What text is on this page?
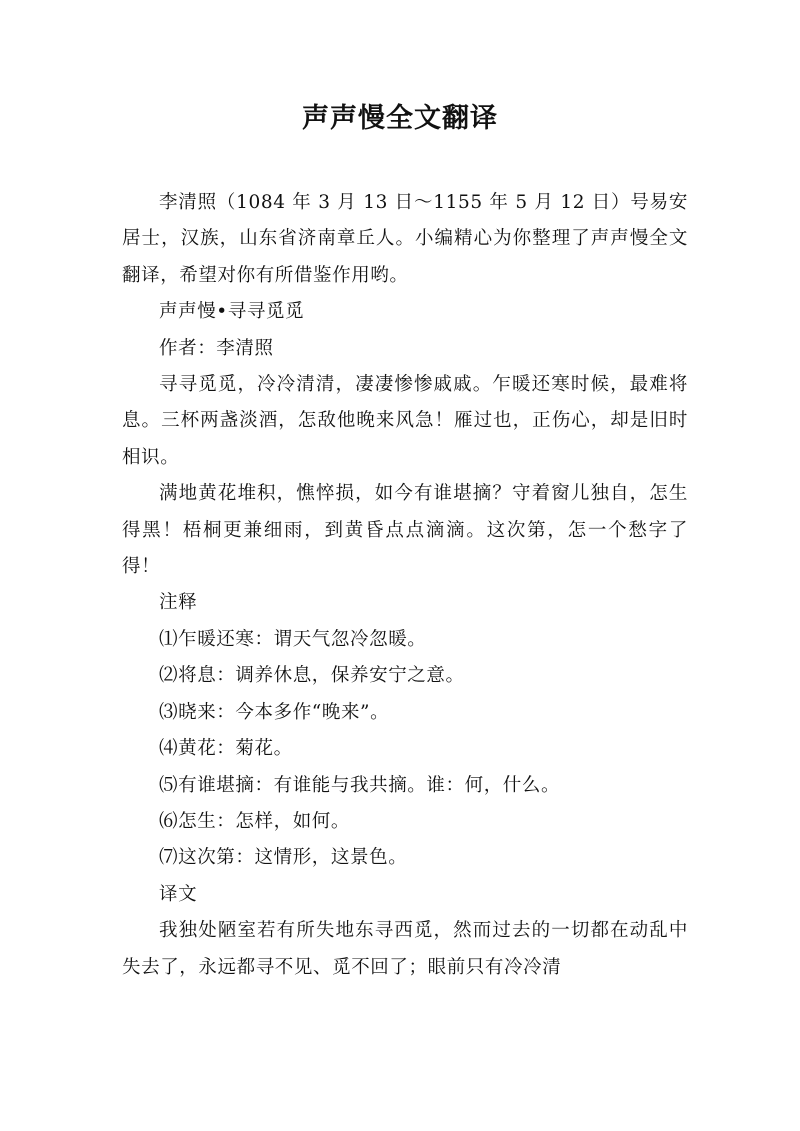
声声慢全文翻译

李清照（1084 年 3 月 13 日～1155 年 5 月 12 日）号易安居士，汉族，山东省济南章丘人。小编精心为你整理了声声慢全文翻译，希望对你有所借鉴作用哟。

声声慢•寻寻觅觅

作者：李清照

寻寻觅觅，冷冷清清，凄凄惨惨戚戚。乍暖还寒时候，最难将息。三杯两盏淡酒，怎敌他晚来风急！雁过也，正伤心，却是旧时相识。

满地黄花堆积，憔悴损，如今有谁堪摘？守着窗儿独自，怎生得黑！梧桐更兼细雨，到黄昏点点滴滴。这次第，怎一个愁字了得！

注释

⑴乍暖还寒：谓天气忽冷忽暖。

⑵将息：调养休息，保养安宁之意。

⑶晓来：今本多作“晚来”。

⑷黄花：菊花。

⑸有谁堪摘：有谁能与我共摘。谁：何，什么。

⑹怎生：怎样，如何。

⑺这次第：这情形，这景色。

译文

我独处陋室若有所失地东寻西觅，然而过去的一切都在动乱中失去了，永远都寻不见、觅不回了；眼前只有冷冷清
